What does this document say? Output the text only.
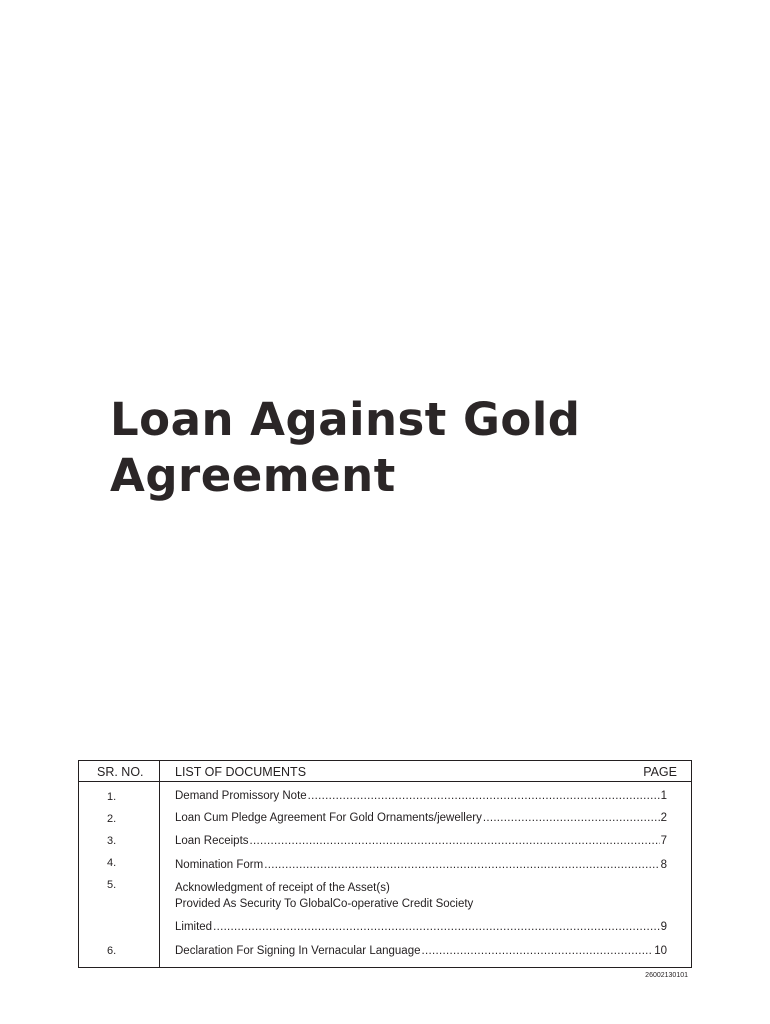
Loan Against Gold
Agreement
SR. NO.	LIST OF DOCUMENTS	PAGE
1.	Demand Promissory Note .....	1
2.	Loan Cum Pledge Agreement For Gold Ornaments/jewellery .....	2
3.	Loan Receipts .....	7
4.	Nomination Form .....	8
5.	Acknowledgment of receipt of the Asset(s)
Provided As Security To GlobalCo-operative Credit Society
Limited .....	9
6.	Declaration For Signing In Vernacular Language .....	10
26002130101
